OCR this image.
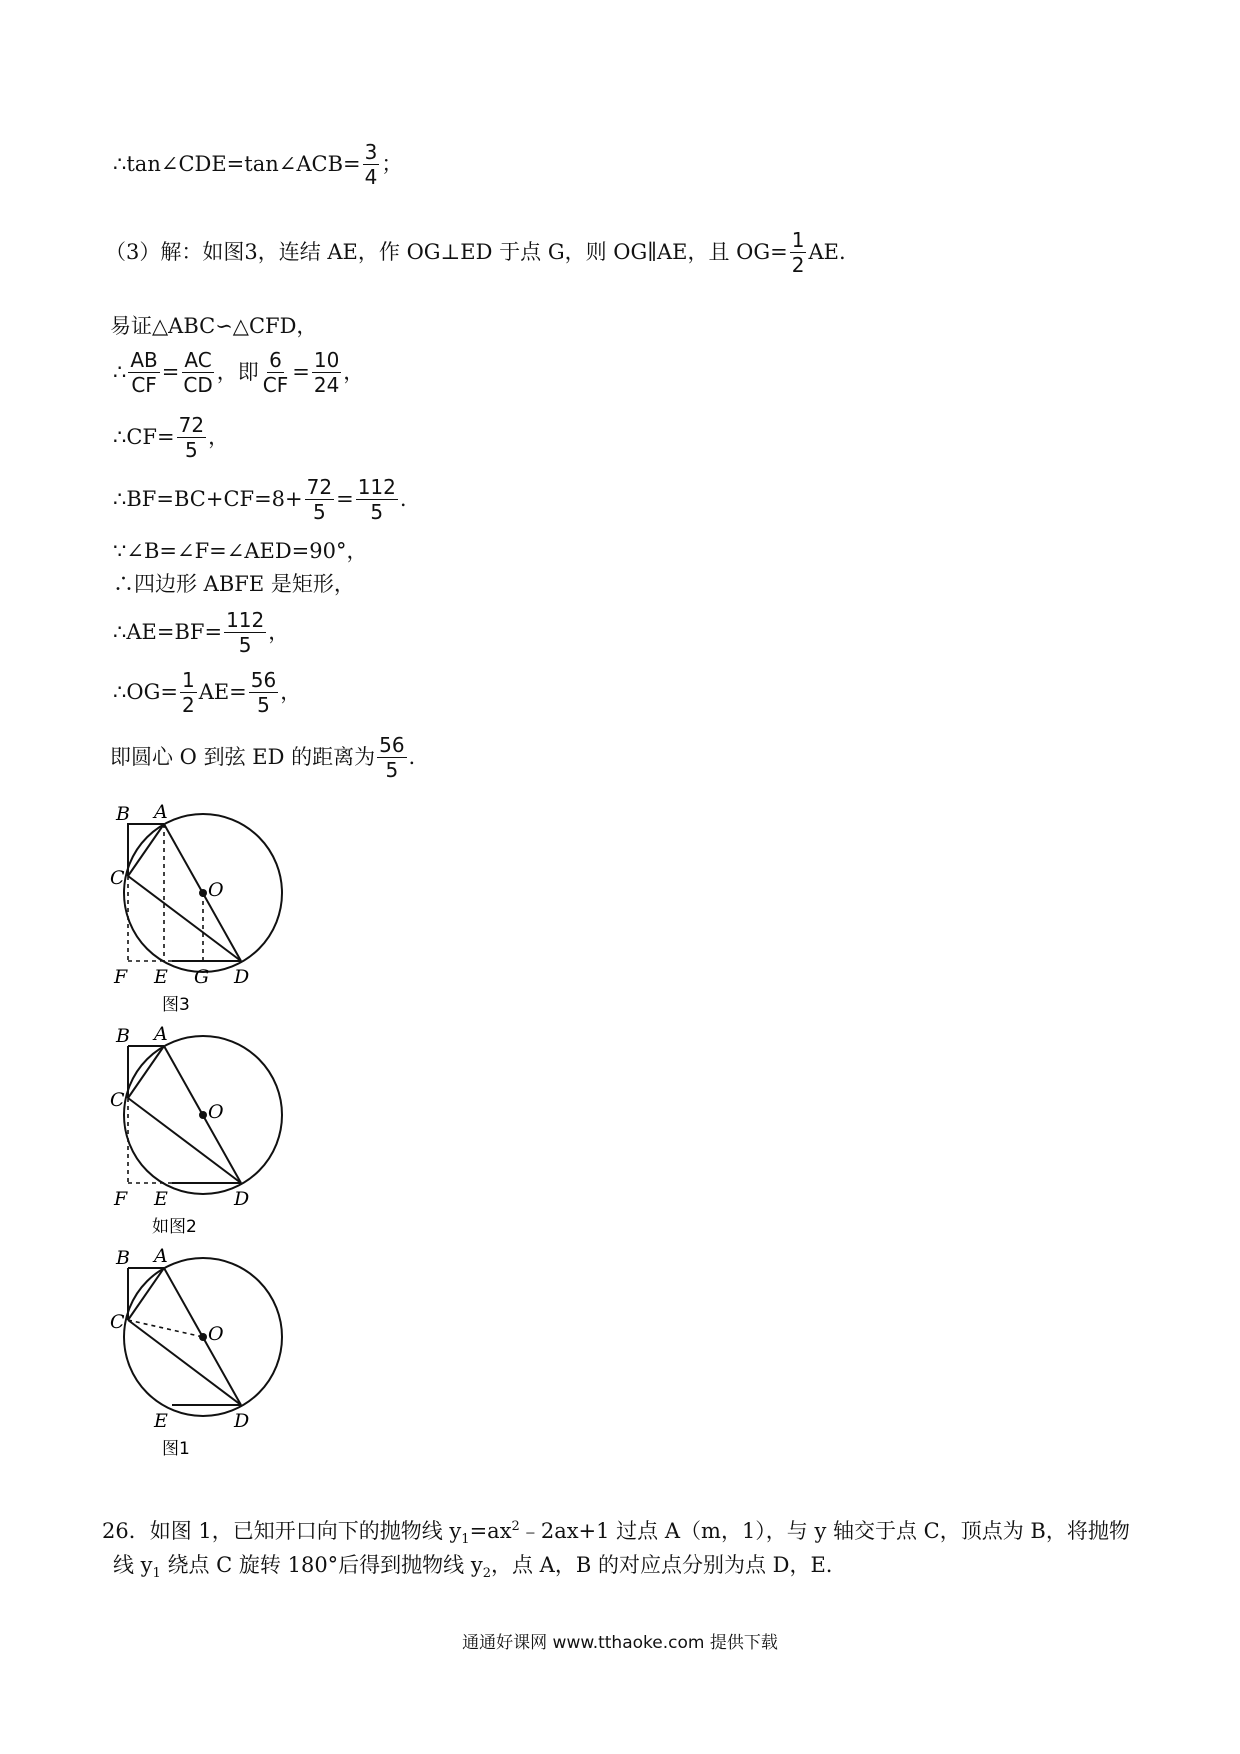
∴tan∠CDE=tan∠ACB= $\frac{3}{4}$ ；
（3）解：如图3，连结 AE，作 OG⊥ED 于点 G，则 OG∥AE，且 $OG= \frac{1}{2}$ AE.
易证△ABC∽△CFD，
∴ $\frac{AB}{CF} = \frac{AC}{CD}$ ，即 $\frac{6}{CF} = \frac{10}{24}$ ，
∴CF= $\frac{72}{5}$ ，
∴BF=BC+CF=8+ $\frac{72}{5} = \frac{112}{5}$ .
∵∠B=∠F=∠AED=90°，
∴四边形 ABFE 是矩形，
∴AE=BF= $\frac{112}{5}$ ，
∴OG= $\frac{1}{2} AE= \frac{56}{5}$ ，
即圆心 O 到弦 ED 的距离为 $\frac{56}{5}$ .
B A
C
O
F E G D
图3
B A
C
O
F E	D
如图2
B A
C
O
E	D
图1
26．如图 1，已知开口向下的抛物线 $y_1=ax^2﹣2ax+1$ 过点 A（m，1），与 y 轴交于点 C，顶点为 B，将抛物
线 $y_1$ 绕点 C 旋转 180°后得到抛物线 $y_2$，点 A，B 的对应点分别为点 D，E.
通通好课网 www.tthaoke.com 提供下载
